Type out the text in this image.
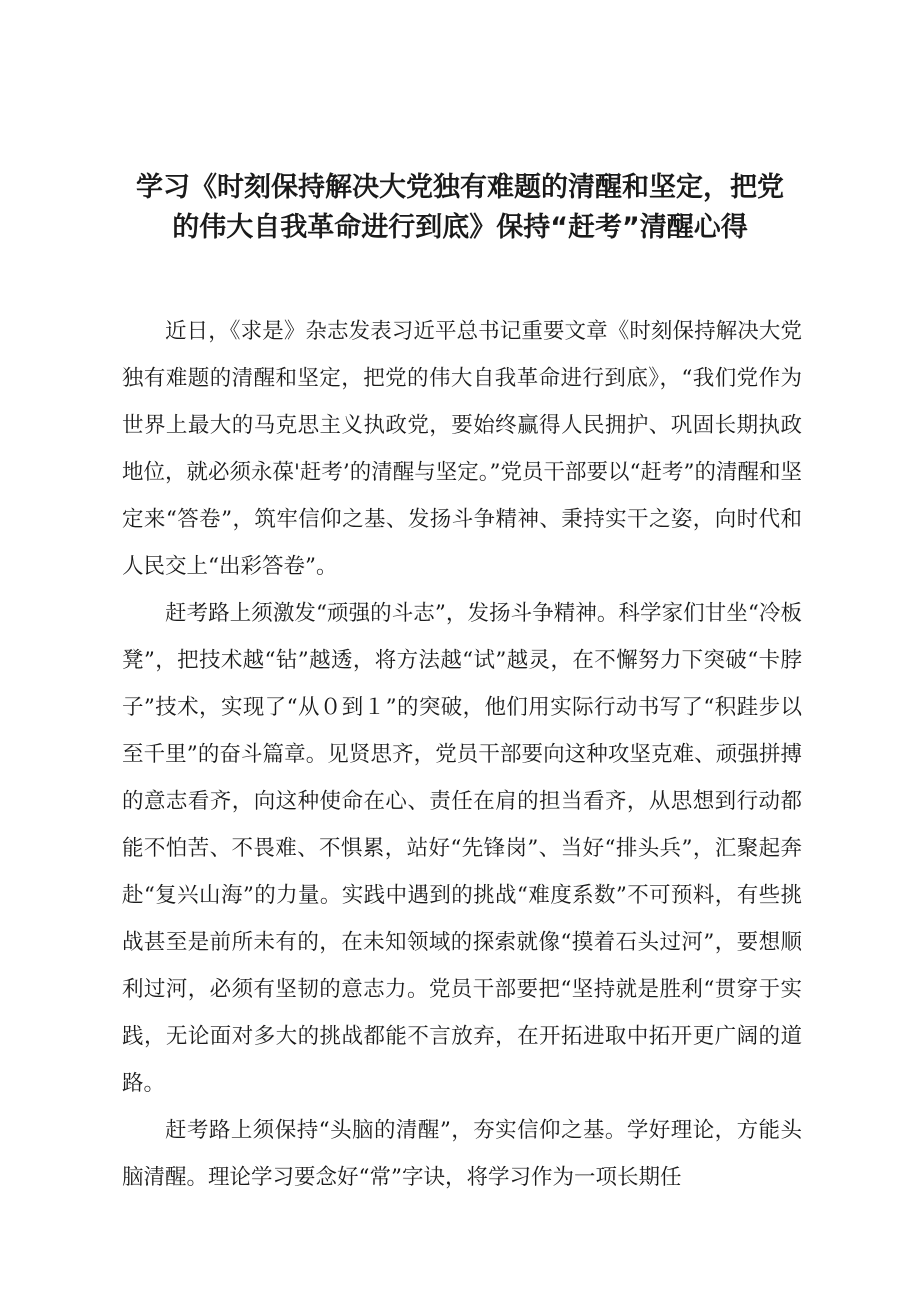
学习《时刻保持解决大党独有难题的清醒和坚定，把党
的伟大自我革命进行到底》保持“赶考”清醒心得

近日，《求是》杂志发表习近平总书记重要文章《时刻保持解决大党独有难题的清醒和坚定，把党的伟大自我革命进行到底》，“我们党作为世界上最大的马克思主义执政党，要始终赢得人民拥护、巩固长期执政地位，就必须永葆'赶考’的清醒与坚定。”党员干部要以“赶考”的清醒和坚定来“答卷”，筑牢信仰之基、发扬斗争精神、秉持实干之姿，向时代和人民交上“出彩答卷”。

赶考路上须激发“顽强的斗志”，发扬斗争精神。科学家们甘坐“冷板凳”，把技术越“钻”越透，将方法越“试”越灵，在不懈努力下突破“卡脖子”技术，实现了“从０到１”的突破，他们用实际行动书写了“积跬步以至千里”的奋斗篇章。见贤思齐，党员干部要向这种攻坚克难、顽强拼搏的意志看齐，向这种使命在心、责任在肩的担当看齐，从思想到行动都能不怕苦、不畏难、不惧累，站好“先锋岗”、当好“排头兵”，汇聚起奔赴“复兴山海”的力量。实践中遇到的挑战“难度系数”不可预料，有些挑战甚至是前所未有的，在未知领域的探索就像“摸着石头过河”，要想顺利过河，必须有坚韧的意志力。党员干部要把“坚持就是胜利“贯穿于实践，无论面对多大的挑战都能不言放弃，在开拓进取中拓开更广阔的道路。

赶考路上须保持“头脑的清醒”，夯实信仰之基。学好理论，方能头脑清醒。理论学习要念好“常”字诀，将学习作为一项长期任
